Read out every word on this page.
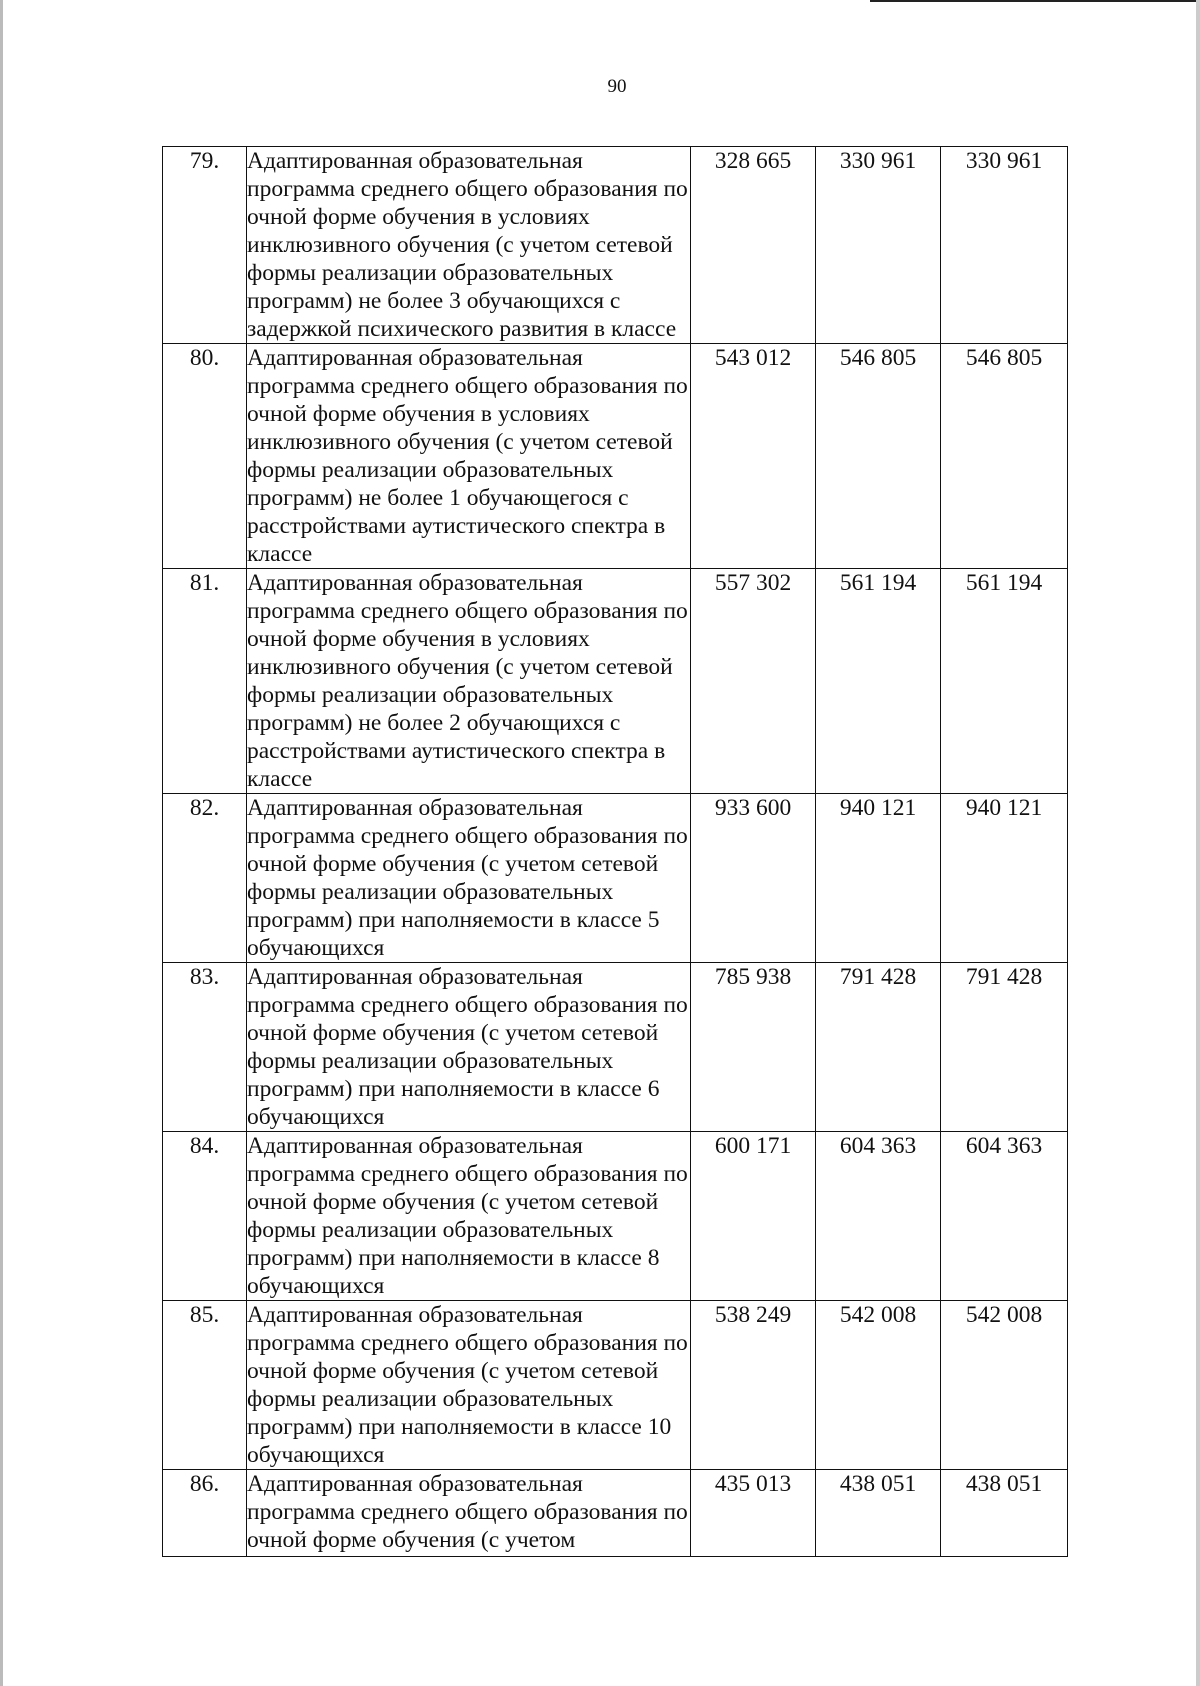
90
79.	Адаптированная образовательная программа среднего общего образования по очной форме обучения в условиях инклюзивного обучения (с учетом сетевой формы реализации образовательных программ) не более 3 обучающихся с задержкой психического развития в классе	328 665	330 961	330 961
80.	Адаптированная образовательная программа среднего общего образования по очной форме обучения в условиях инклюзивного обучения (с учетом сетевой формы реализации образовательных программ) не более 1 обучающегося с расстройствами аутистического спектра в классе	543 012	546 805	546 805
81.	Адаптированная образовательная программа среднего общего образования по очной форме обучения в условиях инклюзивного обучения (с учетом сетевой формы реализации образовательных программ) не более 2 обучающихся с расстройствами аутистического спектра в классе	557 302	561 194	561 194
82.	Адаптированная образовательная программа среднего общего образования по очной форме обучения (с учетом сетевой формы реализации образовательных программ) при наполняемости в классе 5 обучающихся	933 600	940 121	940 121
83.	Адаптированная образовательная программа среднего общего образования по очной форме обучения (с учетом сетевой формы реализации образовательных программ) при наполняемости в классе 6 обучающихся	785 938	791 428	791 428
84.	Адаптированная образовательная программа среднего общего образования по очной форме обучения (с учетом сетевой формы реализации образовательных программ) при наполняемости в классе 8 обучающихся	600 171	604 363	604 363
85.	Адаптированная образовательная программа среднего общего образования по очной форме обучения (с учетом сетевой формы реализации образовательных программ) при наполняемости в классе 10 обучающихся	538 249	542 008	542 008
86.	Адаптированная образовательная программа среднего общего образования по очной форме обучения (с учетом	435 013	438 051	438 051
